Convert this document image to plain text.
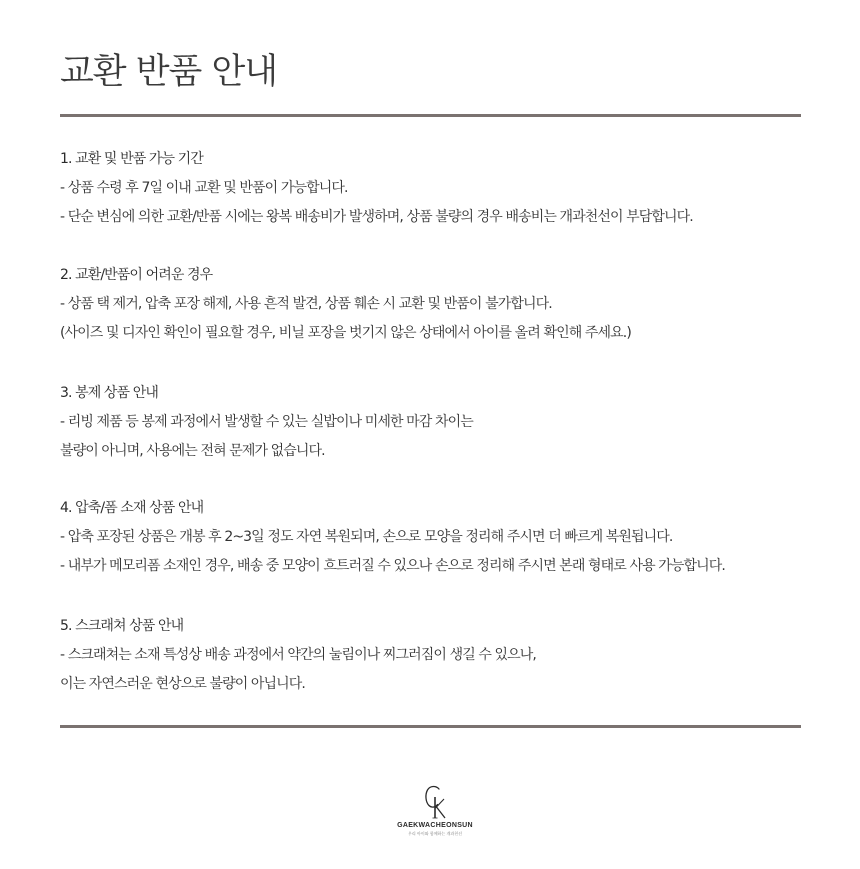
교환 반품 안내
1. 교환 및 반품 가능 기간
- 상품 수령 후 7일 이내 교환 및 반품이 가능합니다.
- 단순 변심에 의한 교환/반품 시에는 왕복 배송비가 발생하며, 상품 불량의 경우 배송비는 개과천선이 부담합니다.
2. 교환/반품이 어려운 경우
- 상품 택 제거, 압축 포장 해제, 사용 흔적 발견, 상품 훼손 시 교환 및 반품이 불가합니다.
(사이즈 및 디자인 확인이 필요할 경우, 비닐 포장을 벗기지 않은 상태에서 아이를 올려 확인해 주세요.)
3. 봉제 상품 안내
- 리빙 제품 등 봉제 과정에서 발생할 수 있는 실밥이나 미세한 마감 차이는
불량이 아니며, 사용에는 전혀 문제가 없습니다.
4. 압축/폼 소재 상품 안내
- 압축 포장된 상품은 개봉 후 2~3일 정도 자연 복원되며, 손으로 모양을 정리해 주시면 더 빠르게 복원됩니다.
- 내부가 메모리폼 소재인 경우, 배송 중 모양이 흐트러질 수 있으나 손으로 정리해 주시면 본래 형태로 사용 가능합니다.
5. 스크래쳐 상품 안내
- 스크래쳐는 소재 특성상 배송 과정에서 약간의 눌림이나 찌그러짐이 생길 수 있으나,
이는 자연스러운 현상으로 불량이 아닙니다.
GAEKWACHEONSUN
우리 아이와 함께하는 개과천선
